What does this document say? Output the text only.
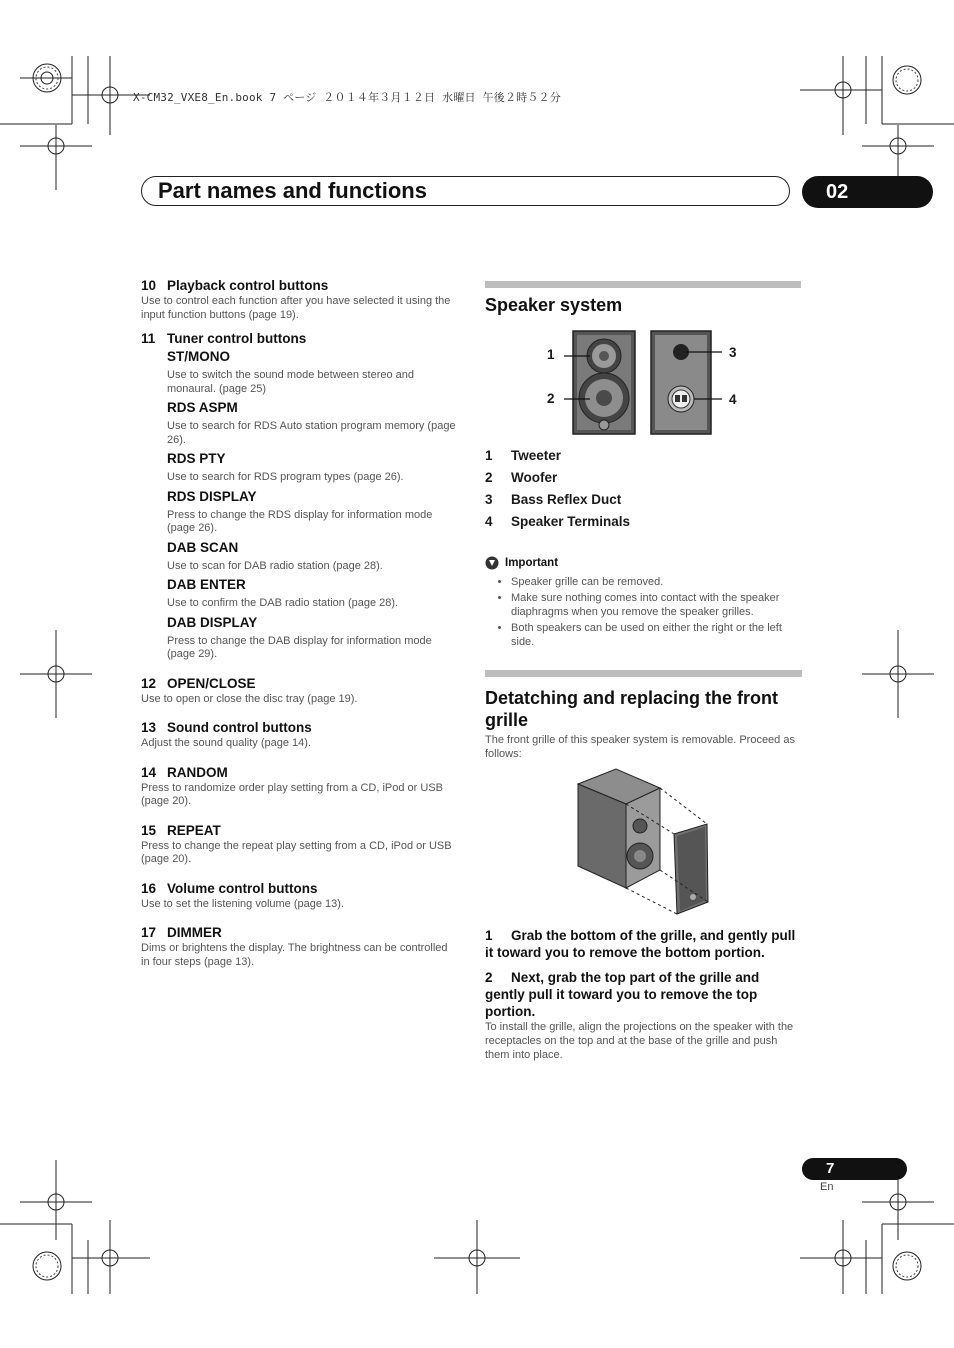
X-CM32_VXE8_En.book 7 ページ ２０１４年３月１２日 水曜日 午後２時５２分
Part names and functions	02
10 Playback control buttons
Use to control each function after you have selected it using the input function buttons (page 19).
11 Tuner control buttons
ST/MONO
Use to switch the sound mode between stereo and monaural. (page 25)
RDS ASPM
Use to search for RDS Auto station program memory (page 26).
RDS PTY
Use to search for RDS program types (page 26).
RDS DISPLAY
Press to change the RDS display for information mode (page 26).
DAB SCAN
Use to scan for DAB radio station (page 28).
DAB ENTER
Use to confirm the DAB radio station (page 28).
DAB DISPLAY
Press to change the DAB display for information mode (page 29).
12 OPEN/CLOSE
Use to open or close the disc tray (page 19).
13 Sound control buttons
Adjust the sound quality (page 14).
14 RANDOM
Press to randomize order play setting from a CD, iPod or USB (page 20).
15 REPEAT
Press to change the repeat play setting from a CD, iPod or USB (page 20).
16 Volume control buttons
Use to set the listening volume (page 13).
17 DIMMER
Dims or brightens the display. The brightness can be controlled in four steps (page 13).
Speaker system
1
2
3
4
1 Tweeter
2 Woofer
3 Bass Reflex Duct
4 Speaker Terminals
Important
• Speaker grille can be removed.
• Make sure nothing comes into contact with the speaker diaphragms when you remove the speaker grilles.
• Both speakers can be used on either the right or the left side.
Detatching and replacing the front grille
The front grille of this speaker system is removable. Proceed as follows:
1 Grab the bottom of the grille, and gently pull it toward you to remove the bottom portion.
2 Next, grab the top part of the grille and gently pull it toward you to remove the top portion.
To install the grille, align the projections on the speaker with the receptacles on the top and at the base of the grille and push them into place.
7
En
